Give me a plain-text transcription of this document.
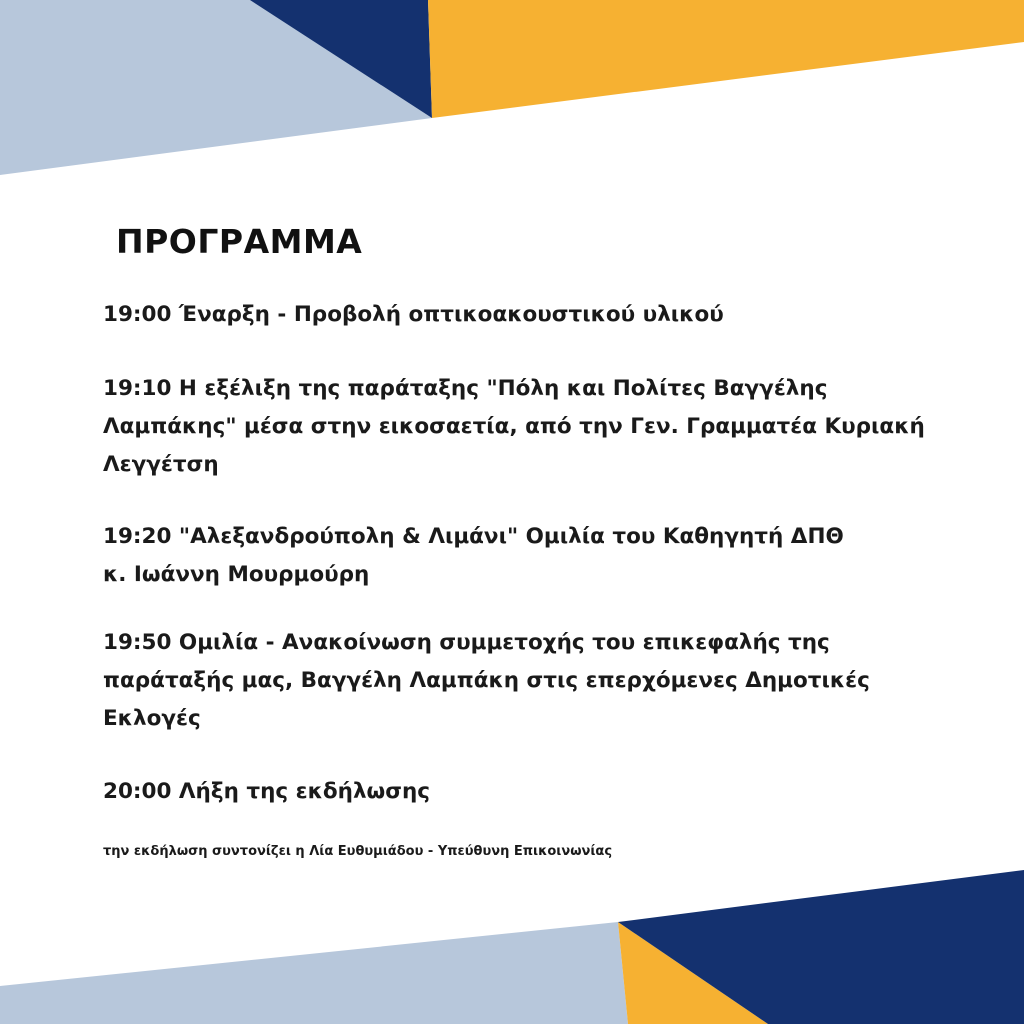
ΠΡΟΓΡΑΜΜΑ
19:00 Έναρξη - Προβολή οπτικοακουστικού υλικού
19:10 Η εξέλιξη της παράταξης "Πόλη και Πολίτες Βαγγέλης
Λαμπάκης" μέσα στην εικοσαετία, από την Γεν. Γραμματέα Κυριακή
Λεγγέτση
19:20 "Αλεξανδρούπολη & Λιμάνι" Ομιλία του Καθηγητή ΔΠΘ
κ. Ιωάννη Μουρμούρη
19:50 Ομιλία - Ανακοίνωση συμμετοχής του επικεφαλής της
παράταξής μας, Βαγγέλη Λαμπάκη στις επερχόμενες Δημοτικές
Εκλογές
20:00 Λήξη της εκδήλωσης

την εκδήλωση συντονίζει η Λία Ευθυμιάδου - Υπεύθυνη Επικοινωνίας
